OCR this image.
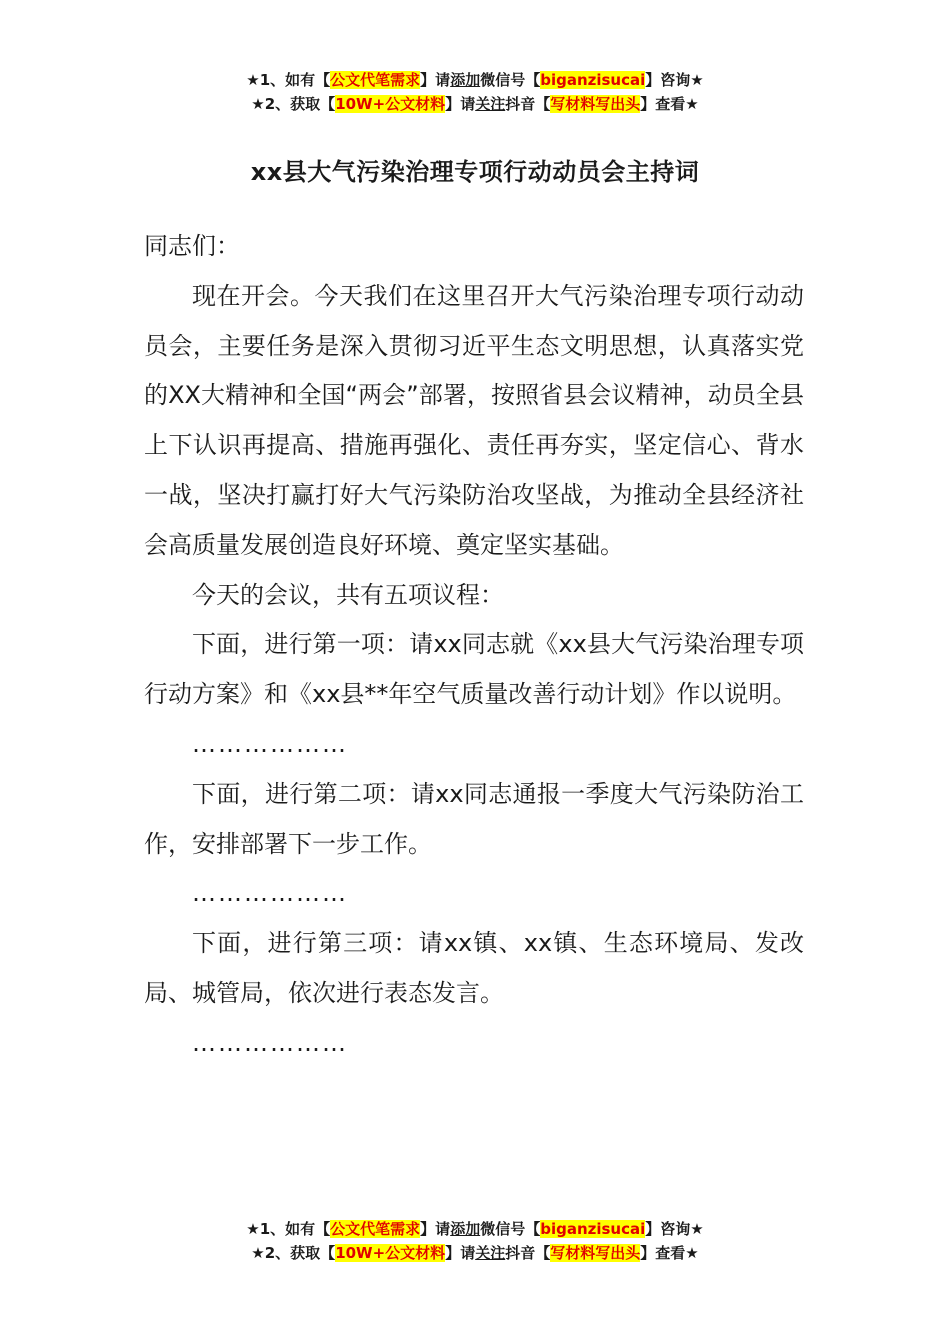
★1、如有【公文代笔需求】请添加微信号【biganzisucai】咨询★
★2、获取【10W+公文材料】请关注抖音【写材料写出头】查看★
xx县大气污染治理专项行动动员会主持词

同志们：

现在开会。今天我们在这里召开大气污染治理专项行动动员会，主要任务是深入贯彻习近平生态文明思想，认真落实党的XX大精神和全国“两会”部署，按照省县会议精神，动员全县上下认识再提高、措施再强化、责任再夯实，坚定信心、背水一战，坚决打赢打好大气污染防治攻坚战，为推动全县经济社会高质量发展创造良好环境、奠定坚实基础。

今天的会议，共有五项议程：

下面，进行第一项：请xx同志就《xx县大气污染治理专项行动方案》和《xx县**年空气质量改善行动计划》作以说明。

………………

下面，进行第二项：请xx同志通报一季度大气污染防治工作，安排部署下一步工作。

………………

下面，进行第三项：请xx镇、xx镇、生态环境局、发改局、城管局，依次进行表态发言。

………………

★1、如有【公文代笔需求】请添加微信号【biganzisucai】咨询★
★2、获取【10W+公文材料】请关注抖音【写材料写出头】查看★
